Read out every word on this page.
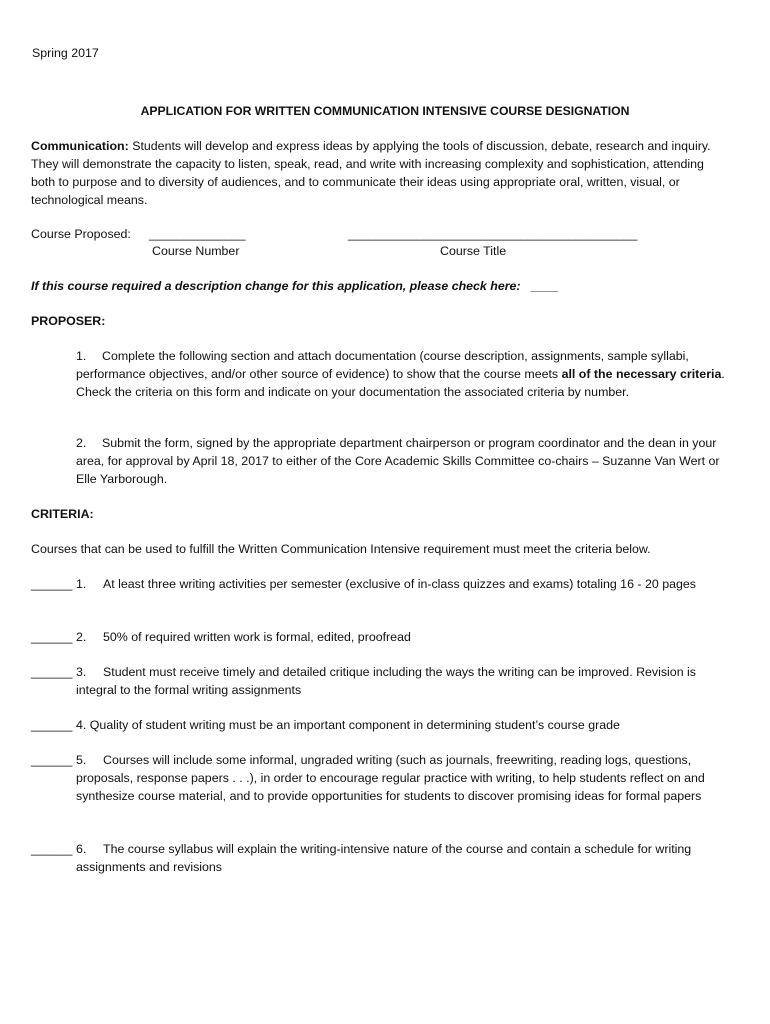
Spring 2017
APPLICATION FOR WRITTEN COMMUNICATION INTENSIVE COURSE DESIGNATION
Communication: Students will develop and express ideas by applying the tools of discussion, debate, research and inquiry. They will demonstrate the capacity to listen, speak, read, and write with increasing complexity and sophistication, attending both to purpose and to diversity of audiences, and to communicate their ideas using appropriate oral, written, visual, or technological means.
Course Proposed: ______________	__________________________________________
Course Number	Course Title
If this course required a description change for this application, please check here: ____
PROPOSER:
1. Complete the following section and attach documentation (course description, assignments, sample syllabi, performance objectives, and/or other source of evidence) to show that the course meets all of the necessary criteria. Check the criteria on this form and indicate on your documentation the associated criteria by number.
2. Submit the form, signed by the appropriate department chairperson or program coordinator and the dean in your area, for approval by April 18, 2017 to either of the Core Academic Skills Committee co-chairs – Suzanne Van Wert or Elle Yarborough.
CRITERIA:
Courses that can be used to fulfill the Written Communication Intensive requirement must meet the criteria below.
______ 1. At least three writing activities per semester (exclusive of in-class quizzes and exams) totaling 16 - 20 pages
______ 2. 50% of required written work is formal, edited, proofread
______ 3. Student must receive timely and detailed critique including the ways the writing can be improved. Revision is integral to the formal writing assignments
______ 4. Quality of student writing must be an important component in determining student’s course grade
______ 5. Courses will include some informal, ungraded writing (such as journals, freewriting, reading logs, questions, proposals, response papers . . .), in order to encourage regular practice with writing, to help students reflect on and synthesize course material, and to provide opportunities for students to discover promising ideas for formal papers
______ 6. The course syllabus will explain the writing-intensive nature of the course and contain a schedule for writing assignments and revisions
